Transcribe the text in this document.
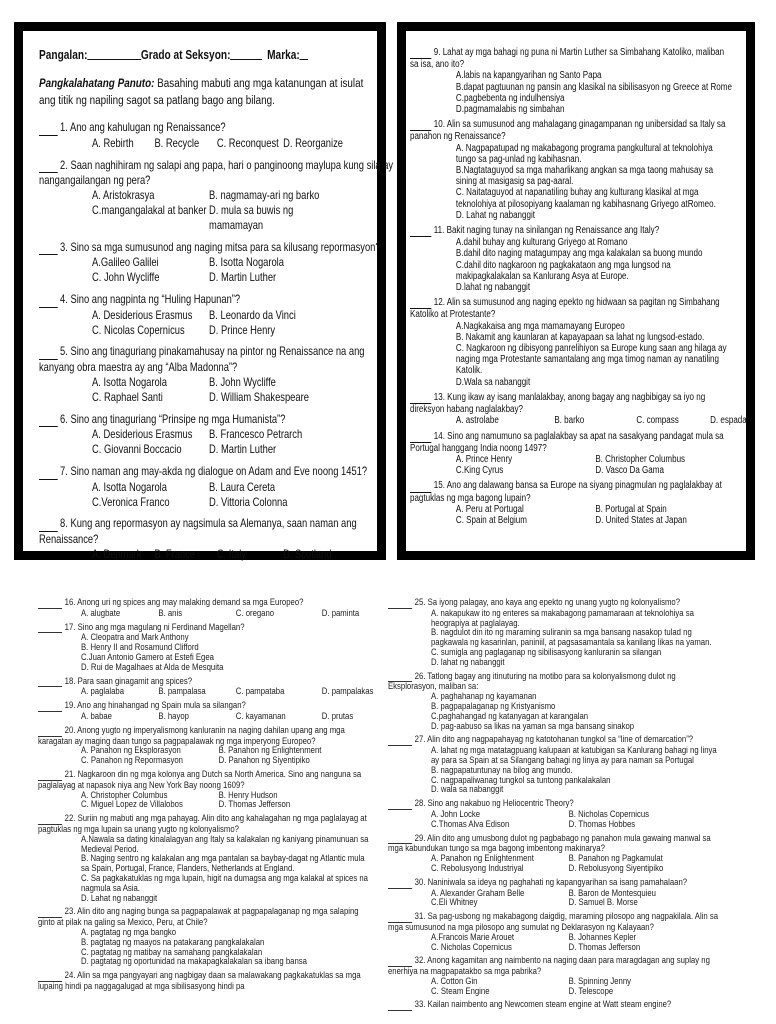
Pangalan:	Grado at Seksyon:	Marka:
Pangkalahatang Panuto: Basahing mabuti ang mga katanungan at isulat ang titik ng napiling sagot sa patlang bago ang bilang.
1. Ano ang kahulugan ng Renaissance?
A. Rebirth	B. Recycle	C. Reconquest D. Reorganize
2. Saan naghihiram ng salapi ang papa, hari o panginoong maylupa kung sila ay nangangailangan ng pera?
A. Aristokrasya	B. nagmamay-ari ng barko
C.mangangalakal at banker D. mula sa buwis ng mamamayan
3. Sino sa mga sumusunod ang naging mitsa para sa kilusang repormasyon?
A.Galileo Galilei	B. Isotta Nogarola
C. John Wycliffe	D. Martin Luther
4. Sino ang nagpinta ng “Huling Hapunan”?
A. Desiderious Erasmus	B. Leonardo da Vinci
C. Nicolas Copernicus	D. Prince Henry
5. Sino ang tinaguriang pinakamahusay na pintor ng Renaissance na ang kanyang obra maestra ay ang “Alba Madonna”?
A. Isotta Nogarola	B. John Wycliffe
C. Raphael Santi	D. William Shakespeare
6. Sino ang tinaguriang “Prinsipe ng mga Humanista”?
A. Desiderious Erasmus	B. Francesco Petrarch
C. Giovanni Boccacio	D. Martin Luther
7. Sino naman ang may-akda ng dialogue on Adam and Eve noong 1451?
A. Isotta Nogarola	B. Laura Cereta
C.Veronica Franco	D. Vittoria Colonna
8. Kung ang repormasyon ay nagsimula sa Alemanya, saan naman ang Renaissance?
A. Denmark	B. France	C. Italy	D. Scotland
9. Lahat ay mga bahagi ng puna ni Martin Luther sa Simbahang Katoliko, maliban sa isa, ano ito?
A.labis na kapangyarihan ng Santo Papa
B.dapat pagtuunan ng pansin ang klasikal na sibilisasyon ng Greece at Rome
C.pagbebenta ng indulhensiya
D.pagmamalabis ng simbahan
10. Alin sa sumusunod ang mahalagang ginagampanan ng unibersidad sa Italy sa panahon ng Renaissance?
A. Nagpapatupad ng makabagong programa pangkultural at teknolohiya tungo sa pag-unlad ng kabihasnan.
B.Nagtataguyod sa mga maharlikang angkan sa mga taong mahusay sa sining at masigasig sa pag-aaral.
C. Naitataguyod at napanatiling buhay ang kulturang klasikal at mga teknolohiya at pilosopiyang kaalaman ng kabihasnang Griyego atRomeo.
D. Lahat ng nabanggit
11. Bakit naging tunay na sinilangan ng Renaissance ang Italy?
A.dahil buhay ang kulturang Griyego at Romano
B.dahil dito naging matagumpay ang mga kalakalan sa buong mundo
C.dahil dito nagkaroon ng pagkakataon ang mga lungsod na makipagkalakalan sa Kanlurang Asya at Europe.
D.lahat ng nabanggit
12. Alin sa sumusunod ang naging epekto ng hidwaan sa pagitan ng Simbahang Katoliko at Protestante?
A.Nagkakaisa ang mga mamamayang Europeo
B. Nakamit ang kaunlaran at kapayapaan sa lahat ng lungsod-estado.
C. Nagkaroon ng dibisyong panrelihiyon sa Europe kung saan ang hilaga ay naging mga Protestante samantalang ang mga timog naman ay nanatiling Katolik.
D.Wala sa nabanggit
13. Kung ikaw ay isang manlalakbay, anong bagay ang nagbibigay sa iyo ng direksyon habang naglalakbay?
A. astrolabe	B. barko	C. compass	D. espada
14. Sino ang namumuno sa paglalakbay sa apat na sasakyang pandagat mula sa Portugal hanggang India noong 1497?
A. Prince Henry	B. Christopher Columbus
C.King Cyrus	D. Vasco Da Gama
15. Ano ang dalawang bansa sa Europe na siyang pinagmulan ng paglalakbay at pagtuklas ng mga bagong lupain?
A. Peru at Portugal	B. Portugal at Spain
C. Spain at Belgium	D. United States at Japan
16. Anong uri ng spices ang may malaking demand sa mga Europeo?
A. alugbate	B. anis	C. oregano	D. paminta
17. Sino ang mga magulang ni Ferdinand Magellan?
A. Cleopatra and Mark Anthony
B. Henry II and Rosamund Clifford
C.Juan Antonio Gamero at Estefi Egea
D. Rui de Magalhaes at Alda de Mesquita
18. Para saan ginagamit ang spices?
A. paglalaba	B. pampalasa	C. pampataba	D. pampalakas
19. Ano ang hinahangad ng Spain mula sa silangan?
A. babae	B. hayop	C. kayamanan	D. prutas
20. Anong yugto ng imperyalismong kanluranin na naging dahilan upang ang mga karagatan ay maging daan tungo sa pagpapalawak ng mga imperyong Europeo?
A. Panahon ng Eksplorasyon	B. Panahon ng Enlightenment
C. Panahon ng Repormasyon	D. Panahon ng Siyentipiko
21. Nagkaroon din ng mga kolonya ang Dutch sa North America. Sino ang nanguna sa paglalayag at napasok niya ang New York Bay noong 1609?
A. Christopher Columbus	B. Henry Hudson
C. Miguel Lopez de Villalobos	D. Thomas Jefferson
22. Suriin ng mabuti ang mga pahayag. Alin dito ang kahalagahan ng mga paglalayag at pagtuklas ng mga lupain sa unang yugto ng kolonyalismo?
A.Nawala sa dating kinalalagyan ang Italy sa kalakalan ng kaniyang pinamunuan sa Medieval Period.
B. Naging sentro ng kalakalan ang mga pantalan sa baybay-dagat ng Atlantic mula sa Spain, Portugal, France, Flanders, Netherlands at England.
C. Sa pagkakatuklas ng mga lupain, higit na dumagsa ang mga kalakal at spices na nagmula sa Asia.
D. Lahat ng nabanggit
23. Alin dito ang naging bunga sa pagpapalawak at pagpapalaganap ng mga salaping ginto at pilak na galing sa Mexico, Peru, at Chile?
A. pagtatag ng mga bangko
B. pagtatag ng maayos na patakarang pangkalakalan
C. pagtatag ng matibay na samahang pangkalakalan
D. pagtatag ng oportunidad na makapagkalakalan sa ibang bansa
24. Alin sa mga pangyayari ang nagbigay daan sa malawakang pagkakatuklas sa mga lupaing hindi pa naggagalugad at mga sibilisasyong hindi pa
25. Sa iyong palagay, ano kaya ang epekto ng unang yugto ng kolonyalismo?
A. nakapukaw ito ng enteres sa makabagong pamamaraan at teknolohiya sa heograpiya at paglalayag.
B. nagdulot din ito ng maraming suliranin sa mga bansang nasakop tulad ng pagkawala ng kasarinlan, paniniil, at pagsasamantala sa kanilang likas na yaman.
C. sumigla ang paglaganap ng sibilisasyong kanluranin sa silangan
D. lahat ng nabanggit
26. Tatlong bagay ang itinuturing na motibo para sa kolonyalismong dulot ng Eksplorasyon, maliban sa:
A. paghahanap ng kayamanan
B. pagpapalaganap ng Kristyanismo
C.paghahangad ng katanyagan at karangalan
D. pag-aabuso sa likas na yaman sa mga bansang sinakop
27. Alin dito ang nagpapahayag ng katotohanan tungkol sa “line of demarcation”?
A. lahat ng mga matatagpuang kalupaan at katubigan sa Kanlurang bahagi ng linya ay para sa Spain at sa Silangang bahagi ng linya ay para naman sa Portugal
B. nagpapatuntunay na bilog ang mundo.
C. nagpapaliwanag tungkol sa tuntong pankalakalan
D. wala sa nabanggit
28. Sino ang nakabuo ng Heliocentric Theory?
A. John Locke	B. Nicholas Copernicus
C.Thomas Alva Edison	D. Thomas Hobbes
29. Alin dito ang umusbong dulot ng pagbabago ng panahon mula gawaing manwal sa mga kabundukan tungo sa mga bagong imbentong makinarya?
A. Panahon ng Enlightenment	B. Panahon ng Pagkamulat
C. Rebolusyong Industriyal	D. Rebolusyong Siyentipiko
30. Naniniwala sa ideya ng paghahati ng kapangyarihan sa isang pamahalaan?
A. Alexander Graham Belle	B. Baron de Montesquieu
C.Eli Whitney	D. Samuel B. Morse
31. Sa pag-usbong ng makabagong daigdig, maraming pilosopo ang nagpakilala. Alin sa mga sumusunod na mga pilosopo ang sumulat ng Deklarasyon ng Kalayaan?
A.Francois Marie Arouet	B. Johannes Kepler
C. Nicholas Copernicus	D. Thomas Jefferson
32. Anong kagamitan ang naimbento na naging daan para maragdagan ang suplay ng enerhiya na magpapatakbo sa mga pabrika?
A. Cotton Gin	B. Spinning Jenny
C. Steam Engine	D. Telescope
33. Kailan naimbento ang Newcomen steam engine at Watt steam engine?
